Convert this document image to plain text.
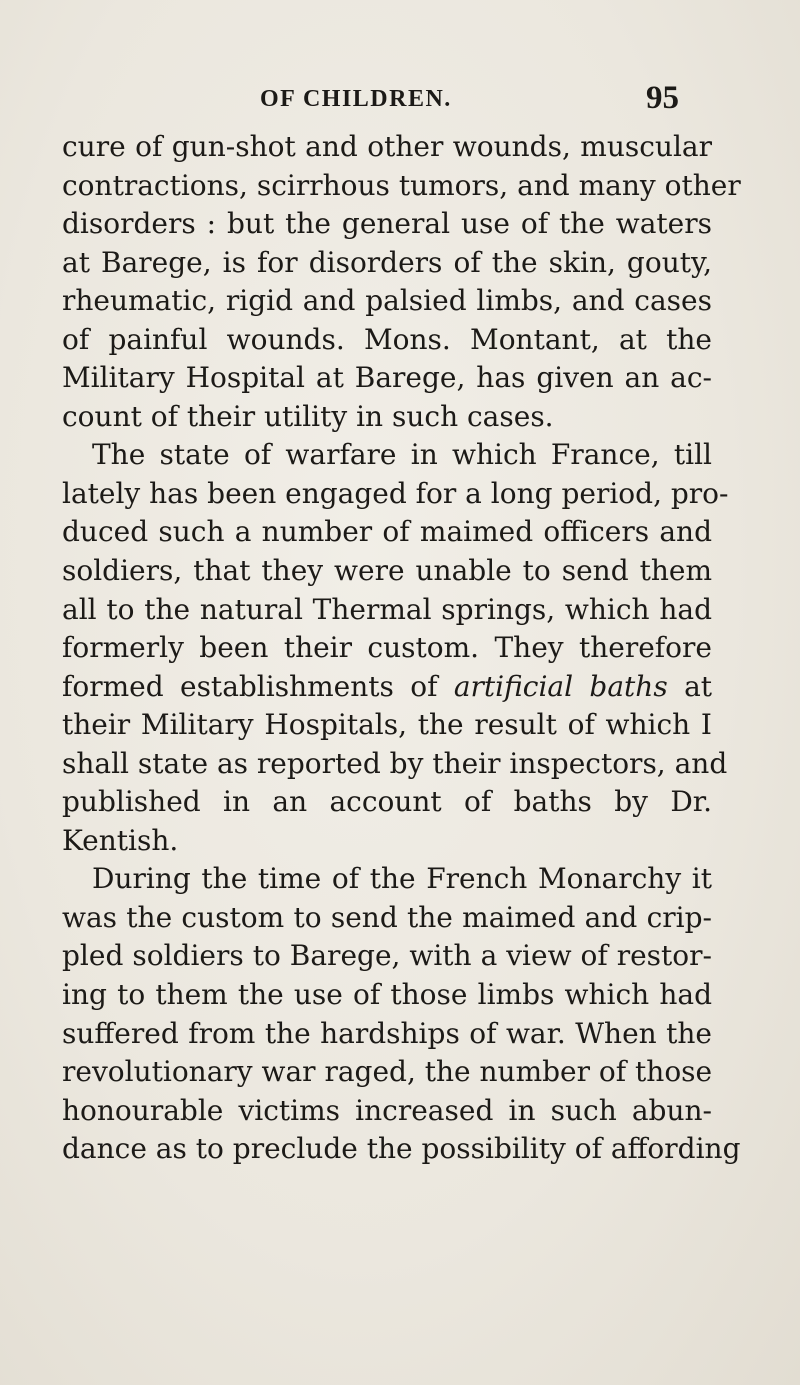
OF CHILDREN.	95
cure of gun-shot and other wounds, muscular
contractions, scirrhous tumors, and many other
disorders : but the general use of the waters
at Barege, is for disorders of the skin, gouty,
rheumatic, rigid and palsied limbs, and cases
of painful wounds. Mons. Montant, at the
Military Hospital at Barege, has given an ac-
count of their utility in such cases.
The state of warfare in which France, till
lately has been engaged for a long period, pro-
duced such a number of maimed officers and
soldiers, that they were unable to send them
all to the natural Thermal springs, which had
formerly been their custom. They therefore
formed establishments of artificial baths at
their Military Hospitals, the result of which I
shall state as reported by their inspectors, and
published in an account of baths by Dr.
Kentish.
During the time of the French Monarchy it
was the custom to send the maimed and crip-
pled soldiers to Barege, with a view of restor-
ing to them the use of those limbs which had
suffered from the hardships of war. When the
revolutionary war raged, the number of those
honourable victims increased in such abun-
dance as to preclude the possibility of affording
